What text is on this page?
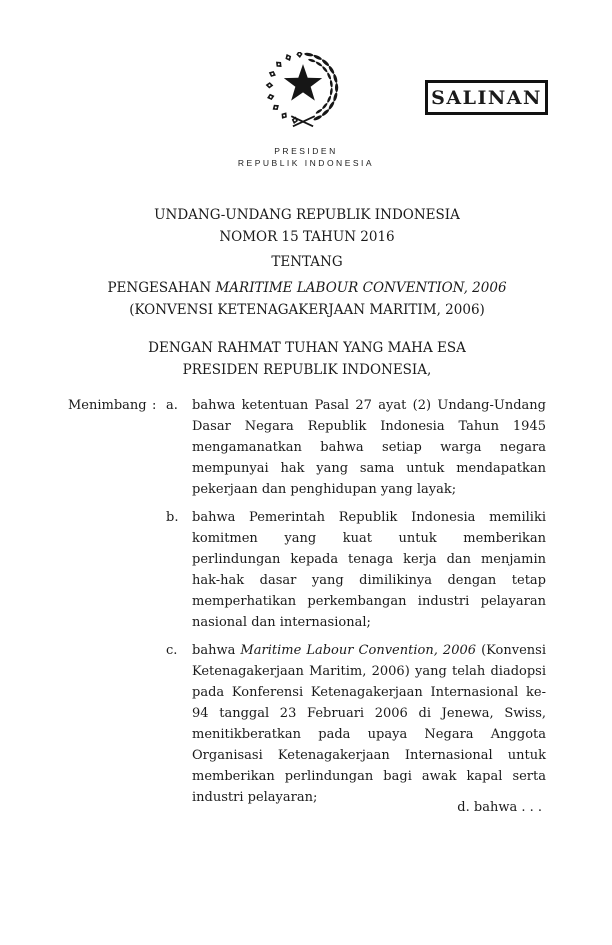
SALINAN
PRESIDEN
REPUBLIK INDONESIA
UNDANG-UNDANG REPUBLIK INDONESIA
NOMOR 15 TAHUN 2016
TENTANG
PENGESAHAN MARITIME LABOUR CONVENTION, 2006
(KONVENSI KETENAGAKERJAAN MARITIM, 2006)
DENGAN RAHMAT TUHAN YANG MAHA ESA
PRESIDEN REPUBLIK INDONESIA,
Menimbang : a.	bahwa ketentuan Pasal 27 ayat (2) Undang-Undang Dasar Negara Republik Indonesia Tahun 1945 mengamanatkan bahwa setiap warga negara mempunyai hak yang sama untuk mendapatkan pekerjaan dan penghidupan yang layak;
b.	bahwa Pemerintah Republik Indonesia memiliki komitmen yang kuat untuk memberikan perlindungan kepada tenaga kerja dan menjamin hak-hak dasar yang dimilikinya dengan tetap memperhatikan perkembangan industri pelayaran nasional dan internasional;
c.	bahwa Maritime Labour Convention, 2006 (Konvensi Ketenagakerjaan Maritim, 2006) yang telah diadopsi pada Konferensi Ketenagakerjaan Internasional ke-94 tanggal 23 Februari 2006 di Jenewa, Swiss, menitikberatkan pada upaya Negara Anggota Organisasi Ketenagakerjaan Internasional untuk memberikan perlindungan bagi awak kapal serta industri pelayaran;
d. bahwa . . .
